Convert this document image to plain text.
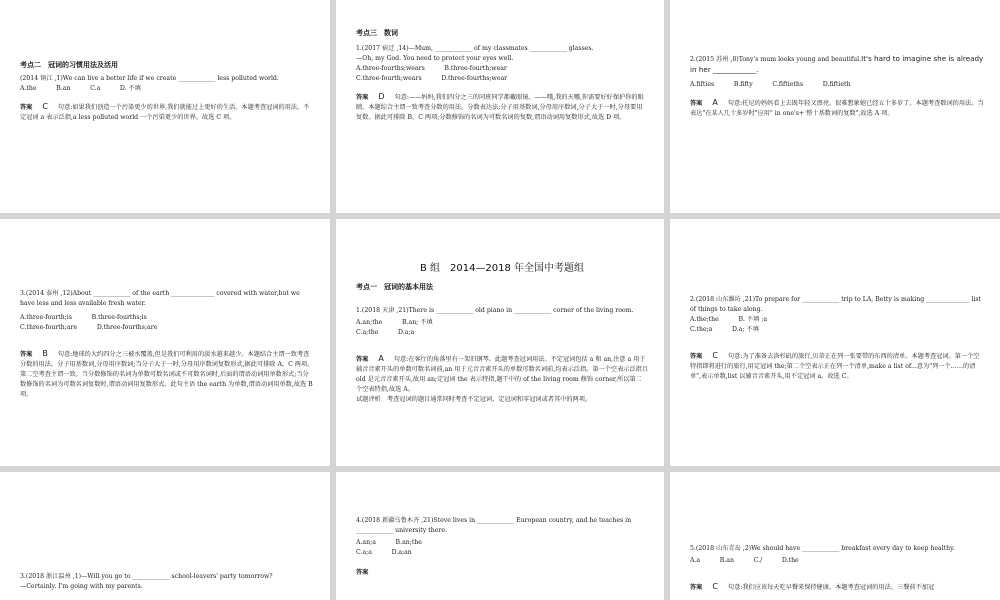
考点二　冠词的习惯用法及活用

(2014 镇江 ,1)We can live a better life if we create ____________ less polluted world.

A.the          B.an          C.a          D. 不填

答案 C 句意:如果我们创造一个污染更少的世界,我们就能过上更好的生活。本题考查冠词的用法。不定冠词 a 表示泛指,a less polluted world 一个污染更少的世界。故选 C 项。
考点三　数词

1.(2017 宿迁 ,14)—Mum, ____________ of my classmates ____________ glasses.

—Oh, my God. You need to protect your eyes well.

A.three-fourths;wears          B.three-fourth;wear

C.three-fourth;wears          D.three-fourths;wear

答案 D 句意:——妈妈,我们四分之三的同班同学都戴眼镜。——哦,我的天哪,你需要好好保护你的眼睛。本题综合主谓一致考查分数的用法。分数表达法:分子用基数词,分母用序数词,分子大于一时,分母要用复数。据此可排除 B、C 两项;分数修饰的名词为可数名词的复数,谓语动词用复数形式,故选 D 项。

2.(2015 苏州 ,8)Tony's mum looks young and beautiful.It's hard to imagine she is already in her ____________.

A.fifties          B.fifty          C.fiftieths          D.fiftieth

答案 A 句意:托尼的妈妈看上去既年轻又漂亮。很难想象她已经五十多岁了。本题考查数词的用法。当表达"在某人几十多岁时"应用" in one's+ 整十基数词的复数",故选 A 项。

3.(2014 泰州 ,12)About ____________ of the earth ______________ covered with water,but we have less and less available fresh water.

A.three-fourth;is          B.three-fourths;is

C.three-fourth;are          D.three-fourths;are

答案 B 句意:地球的大约四分之三被水覆盖,但是我们可利用的淡水越来越少。本题结合主谓一致考查分数的用法。分子用基数词,分母用序数词;当分子大于一时,分母用序数词复数形式,据此可排除 A、C 两项。第二空考查主谓一致。当分数修饰的名词为单数可数名词或不可数名词时,后面的谓语动词用单数形式;当分数修饰的名词为可数名词复数时,谓语动词用复数形式。此句主语 the earth 为单数,谓语动词用单数,故选 B 项。
B 组　2014—2018 年全国中考题组
考点一　冠词的基本用法

1.(2018 天津 ,21)There is ____________ old piano in ____________ corner of the living room.

A.an;the          B.an; 不填

C.a;the          D.a;a

答案 A 句意:在客厅的角落里有一架旧钢琴。此题考查冠词用法。不定冠词包括 a 和 an,注意 a 用于辅音音素开头的单数可数名词前,an 用于元音音素开头的单数可数名词前,均表示泛指。第一个空表示泛指且 old 是元音音素开头,故用 an;定冠词 the 表示特指,题干中的 of the living room 修饰 corner,所以第二个空表特指,故选 A。

试题评析　考查冠词的题目通常同时考查不定冠词、定冠词和零冠词或者其中的两项。

2.(2018 山东潍坊 ,21)To prepare for ____________ trip to LA, Betty is making ______________ list of things to take along.

A.the;the          B. 不填 ;a

C.the;a          D.a; 不填

答案 C 句意:为了准备去洛杉矶的旅行,贝蒂正在列一张要带的东西的清单。本题考查冠词。第一个空特指即将进行的旅行,用定冠词 the;第二个空表示正在列一个清单,make a list of...意为"列一个……的清单",表示单数,list 以辅音音素开头,用不定冠词 a。故选 C。

3.(2018 浙江温州 ,1)—Will you go to ____________ school-leavers' party tomorrow?

—Certainly. I'm going with my parents.

4.(2018 新疆乌鲁木齐 ,21)Steve lives in ____________ European country, and he teaches in ____________ university there.

A.an;a          B.an;the

C.a;a          D.a;an

答案

5.(2018 山东青岛 ,2)We should have ____________ breakfast every day to keep healthy.

A.a          B.an          C./          D.the

答案 C 句意:我们应该每天吃早餐来保持健康。本题考查冠词的用法。三餐前不加冠
